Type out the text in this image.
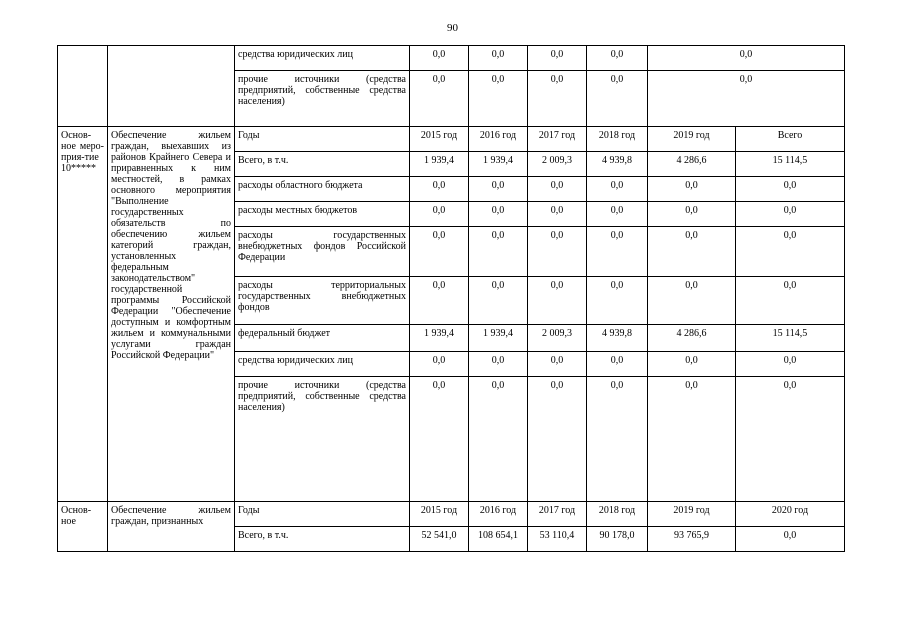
90
		средства юридических лиц	0,0	0,0	0,0	0,0	0,0	
		прочие источники (средства предприятий, собственные средства населения)	0,0	0,0	0,0	0,0	0,0	
Основ-ное меро-прия-тие 10*****	Обеспечение жильем граждан, выехавших из районов Крайнего Севера и приравненных к ним местностей, в рамках основного мероприятия "Выполнение государственных обязательств по обеспечению жильем категорий граждан, установленных федеральным законодательством" государственной программы Российской Федерации "Обеспечение доступным и комфортным жильем и коммунальными услугами граждан Российской Федерации"	Годы	2015 год	2016 год	2017 год	2018 год	2019 год	Всего
		Всего, в т.ч.	1 939,4	1 939,4	2 009,3	4 939,8	4 286,6	15 114,5
		расходы областного бюджета	0,0	0,0	0,0	0,0	0,0	0,0
		расходы местных бюджетов	0,0	0,0	0,0	0,0	0,0	0,0
		расходы государственных внебюджетных фондов Российской Федерации	0,0	0,0	0,0	0,0	0,0	0,0
		расходы территориальных государственных внебюджетных фондов	0,0	0,0	0,0	0,0	0,0	0,0
		федеральный бюджет	1 939,4	1 939,4	2 009,3	4 939,8	4 286,6	15 114,5
		средства юридических лиц	0,0	0,0	0,0	0,0	0,0	0,0
		прочие источники (средства предприятий, собственные средства населения)	0,0	0,0	0,0	0,0	0,0	0,0
Основ-ное	Обеспечение жильем граждан, признанных	Годы	2015 год	2016 год	2017 год	2018 год	2019 год	2020 год
		Всего, в т.ч.	52 541,0	108 654,1	53 110,4	90 178,0	93 765,9	0,0
